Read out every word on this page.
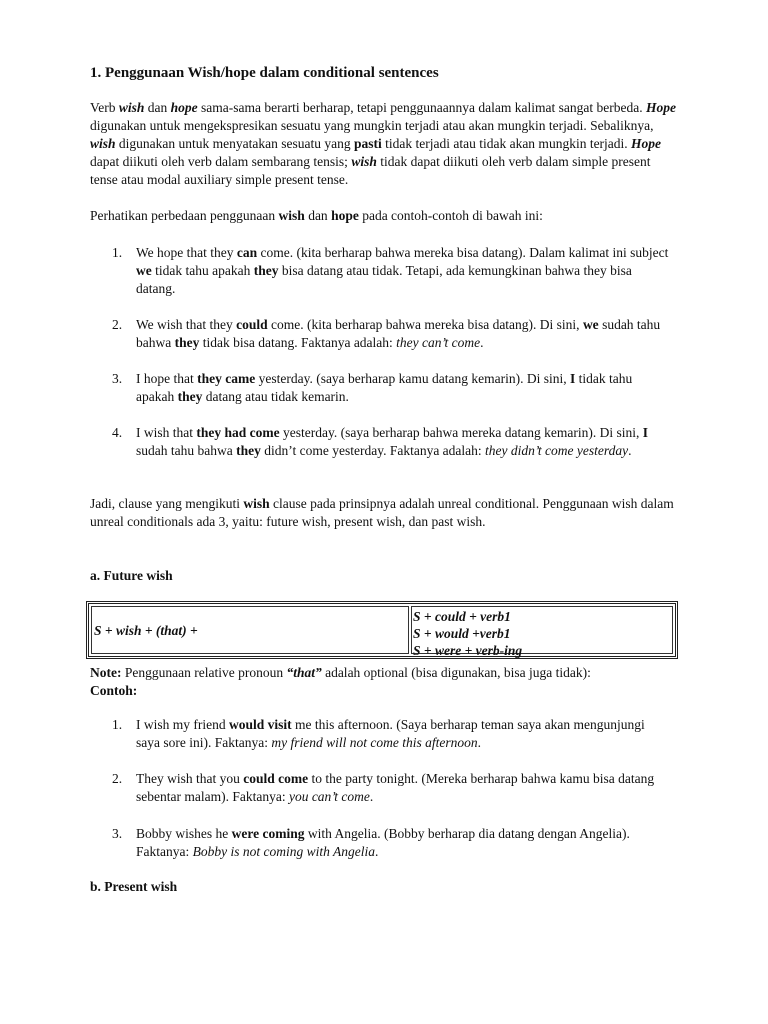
1. Penggunaan Wish/hope dalam conditional sentences
Verb wish dan hope sama-sama berarti berharap, tetapi penggunaannya dalam kalimat sangat berbeda. Hope digunakan untuk mengekspresikan sesuatu yang mungkin terjadi atau akan mungkin terjadi. Sebaliknya, wish digunakan untuk menyatakan sesuatu yang pasti tidak terjadi atau tidak akan mungkin terjadi. Hope dapat diikuti oleh verb dalam sembarang tensis; wish tidak dapat diikuti oleh verb dalam simple present tense atau modal auxiliary simple present tense.
Perhatikan perbedaan penggunaan wish dan hope pada contoh-contoh di bawah ini:
1.	We hope that they can come. (kita berharap bahwa mereka bisa datang). Dalam kalimat ini subject we tidak tahu apakah they bisa datang atau tidak. Tetapi, ada kemungkinan bahwa they bisa datang.
2.	We wish that they could come. (kita berharap bahwa mereka bisa datang). Di sini, we sudah tahu bahwa they tidak bisa datang. Faktanya adalah: they can’t come.
3.	I hope that they came yesterday. (saya berharap kamu datang kemarin). Di sini, I tidak tahu apakah they datang atau tidak kemarin.
4.	I wish that they had come yesterday. (saya berharap bahwa mereka datang kemarin). Di sini, I sudah tahu bahwa they didn’t come yesterday. Faktanya adalah: they didn’t come yesterday.
Jadi, clause yang mengikuti wish clause pada prinsipnya adalah unreal conditional. Penggunaan wish dalam unreal conditionals ada 3, yaitu: future wish, present wish, dan past wish.
a. Future wish
S + wish + (that) +
S + could + verb1
S + would +verb1
S + were + verb-ing
Note: Penggunaan relative pronoun “that” adalah optional (bisa digunakan, bisa juga tidak):
Contoh:
1.	I wish my friend would visit me this afternoon. (Saya berharap teman saya akan mengunjungi saya sore ini). Faktanya: my friend will not come this afternoon.
2.	They wish that you could come to the party tonight. (Mereka berharap bahwa kamu bisa datang sebentar malam). Faktanya: you can’t come.
3.	Bobby wishes he were coming with Angelia. (Bobby berharap dia datang dengan Angelia). Faktanya: Bobby is not coming with Angelia.
b. Present wish
